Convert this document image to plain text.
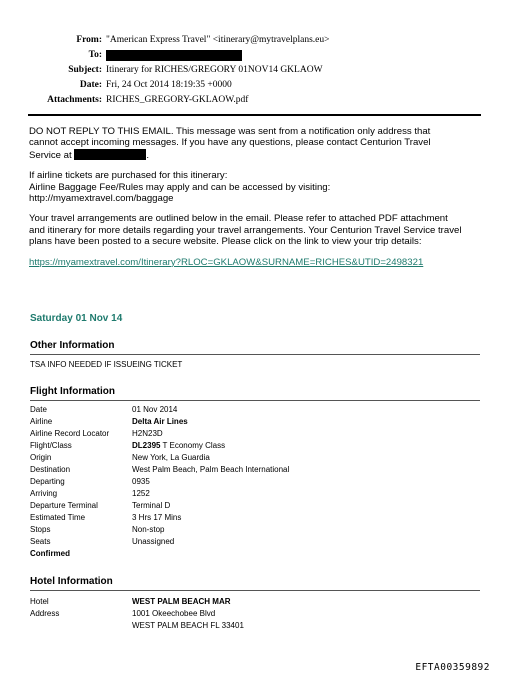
From: "American Express Travel" <itinerary@mytravelplans.eu>
To:
Subject: Itinerary for RICHES/GREGORY 01NOV14 GKLAOW
Date: Fri, 24 Oct 2014 18:19:35 +0000
Attachments: RICHES_GREGORY-GKLAOW.pdf
DO NOT REPLY TO THIS EMAIL. This message was sent from a notification only address that
cannot accept incoming messages. If you have any questions, please contact Centurion Travel
Service at	.
If airline tickets are purchased for this itinerary:
Airline Baggage Fee/Rules may apply and can be accessed by visiting:
http://myamextravel.com/baggage
Your travel arrangements are outlined below in the email. Please refer to attached PDF attachment
and itinerary for more details regarding your travel arrangements. Your Centurion Travel Service travel
plans have been posted to a secure website. Please click on the link to view your trip details:
https://myamextravel.com/Itinerary?RLOC=GKLAOW&SURNAME=RICHES&UTID=2498321
Saturday 01 Nov 14
Other Information
TSA INFO NEEDED IF ISSUEING TICKET
Flight Information
Date	01 Nov 2014
Airline	Delta Air Lines
Airline Record Locator	H2N23D
Flight/Class	DL2395 T Economy Class
Origin	New York, La Guardia
Destination	West Palm Beach, Palm Beach International
Departing	0935
Arriving	1252
Departure Terminal	Terminal D
Estimated Time	3 Hrs 17 Mins
Stops	Non-stop
Seats	Unassigned
Confirmed
Hotel Information
Hotel	WEST PALM BEACH MAR
Address	1001 Okeechobee Blvd
WEST PALM BEACH FL 33401
EFTA00359892
